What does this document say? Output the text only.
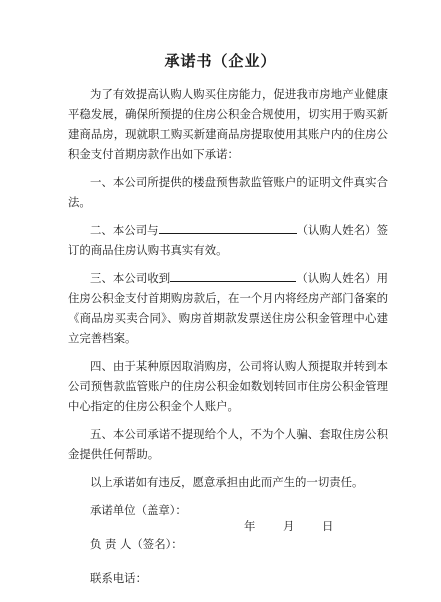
承诺书（企业）

为了有效提高认购人购买住房能力，促进我市房地产业健康平稳发展，确保所预提的住房公积金合规使用，切实用于购买新建商品房，现就职工购买新建商品房提取使用其账户内的住房公积金支付首期房款作出如下承诺：

一、本公司所提供的楼盘预售款监管账户的证明文件真实合法。

二、本公司与	（认购人姓名）签订的商品住房认购书真实有效。

三、本公司收到	（认购人姓名）用住房公积金支付首期购房款后，在一个月内将经房产部门备案的《商品房买卖合同》、购房首期款发票送住房公积金管理中心建立完善档案。

四、由于某种原因取消购房，公司将认购人预提取并转到本公司预售款监管账户的住房公积金如数划转回市住房公积金管理中心指定的住房公积金个人账户。

五、本公司承诺不提现给个人，不为个人骗、套取住房公积金提供任何帮助。

以上承诺如有违反，愿意承担由此而产生的一切责任。

承诺单位（盖章）：
负 责 人（签名）：
联系电话：
年 月 日
